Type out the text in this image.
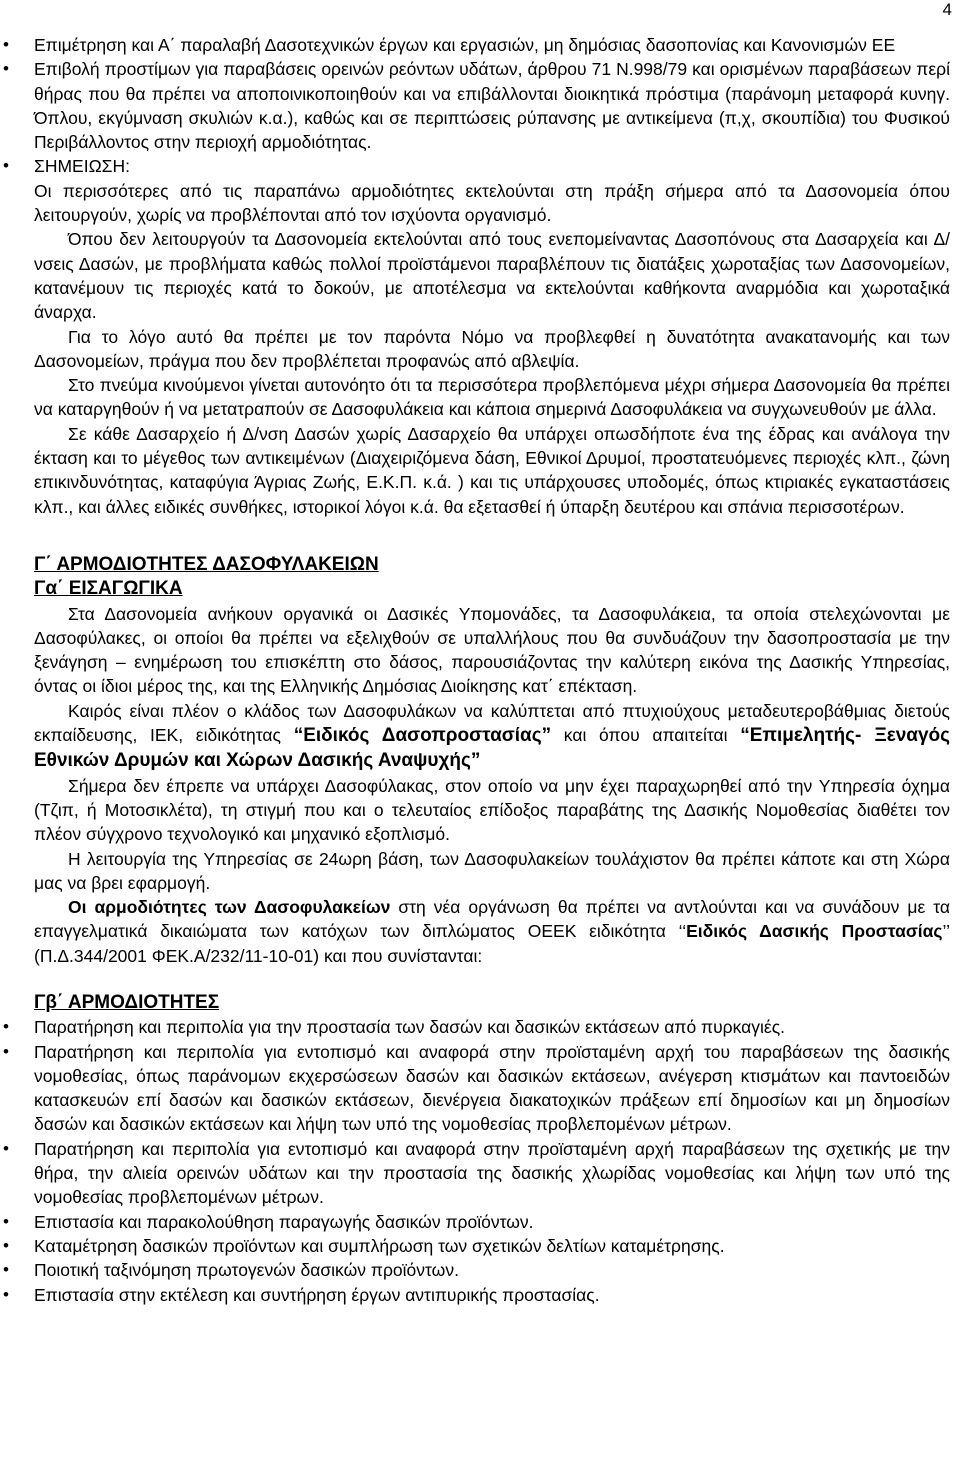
4
• Επιμέτρηση και Α΄ παραλαβή Δασοτεχνικών έργων και εργασιών, μη δημόσιας δασοπονίας και Κανονισμών ΕΕ
• Επιβολή προστίμων για παραβάσεις ορεινών ρεόντων υδάτων, άρθρου 71 Ν.998/79 και ορισμένων παραβάσεων περί θήρας που θα πρέπει να αποποινικοποιηθούν και να επιβάλλονται διοικητικά πρόστιμα (παράνομη μεταφορά κυνηγ. Όπλου, εκγύμναση σκυλιών κ.α.), καθώς και σε περιπτώσεις ρύπανσης με αντικείμενα (π,χ, σκουπίδια) του Φυσικού Περιβάλλοντος στην περιοχή αρμοδιότητας.
• ΣΗΜΕΙΩΣΗ:

Οι περισσότερες από τις παραπάνω αρμοδιότητες εκτελούνται στη πράξη σήμερα από τα Δασονομεία όπου λειτουργούν, χωρίς να προβλέπονται από τον ισχύοντα οργανισμό.

Όπου δεν λειτουργούν τα Δασονομεία εκτελούνται από τους ενεπομείναντας Δασοπόνους στα Δασαρχεία και Δ/νσεις Δασών, με προβλήματα καθώς πολλοί προϊστάμενοι παραβλέπουν τις διατάξεις χωροταξίας των Δασονομείων, κατανέμουν τις περιοχές κατά το δοκούν, με αποτέλεσμα να εκτελούνται καθήκοντα αναρμόδια και χωροταξικά άναρχα.

Για το λόγο αυτό θα πρέπει με τον παρόντα Νόμο να προβλεφθεί η δυνατότητα ανακατανομής και των Δασονομείων, πράγμα που δεν προβλέπεται προφανώς από αβλεψία.

Στο πνεύμα κινούμενοι γίνεται αυτονόητο ότι τα περισσότερα προβλεπόμενα μέχρι σήμερα Δασονομεία θα πρέπει να καταργηθούν ή να μετατραπούν σε Δασοφυλάκεια και κάποια σημερινά Δασοφυλάκεια να συγχωνευθούν με άλλα.

Σε κάθε Δασαρχείο ή Δ/νση Δασών χωρίς Δασαρχείο θα υπάρχει οπωσδήποτε ένα της έδρας και ανάλογα την έκταση και το μέγεθος των αντικειμένων (Διαχειριζόμενα δάση, Εθνικοί Δρυμοί, προστατευόμενες περιοχές κλπ., ζώνη επικινδυνότητας, καταφύγια Άγριας Ζωής, Ε.Κ.Π. κ.ά. ) και τις υπάρχουσες υποδομές, όπως κτιριακές εγκαταστάσεις κλπ., και άλλες ειδικές συνθήκες, ιστορικοί λόγοι κ.ά. θα εξετασθεί ή ύπαρξη δευτέρου και σπάνια περισσοτέρων.

Γ΄ ΑΡΜΟΔΙΟΤΗΤΕΣ ΔΑΣΟΦΥΛΑΚΕΙΩΝ
Γα΄ ΕΙΣΑΓΩΓΙΚΑ

Στα Δασονομεία ανήκουν οργανικά οι Δασικές Υπομονάδες, τα Δασοφυλάκεια, τα οποία στελεχώνονται με Δασοφύλακες, οι οποίοι θα πρέπει να εξελιχθούν σε υπαλλήλους που θα συνδυάζουν την δασοπροστασία με την ξενάγηση – ενημέρωση του επισκέπτη στο δάσος, παρουσιάζοντας την καλύτερη εικόνα της Δασικής Υπηρεσίας, όντας οι ίδιοι μέρος της, και της Ελληνικής Δημόσιας Διοίκησης κατ΄ επέκταση.

Καιρός είναι πλέον ο κλάδος των Δασοφυλάκων να καλύπτεται από πτυχιούχους μεταδευτεροβάθμιας διετούς εκπαίδευσης, ΙΕΚ, ειδικότητας “Ειδικός Δασοπροστασίας” και όπου απαιτείται “Επιμελητής- Ξεναγός Εθνικών Δρυμών και Χώρων Δασικής Αναψυχής”

Σήμερα δεν έπρεπε να υπάρχει Δασοφύλακας, στον οποίο να μην έχει παραχωρηθεί από την Υπηρεσία όχημα (Τζιπ, ή Μοτοσικλέτα), τη στιγμή που και ο τελευταίος επίδοξος παραβάτης της Δασικής Νομοθεσίας διαθέτει τον πλέον σύγχρονο τεχνολογικό και μηχανικό εξοπλισμό.

Η λειτουργία της Υπηρεσίας σε 24ωρη βάση, των Δασοφυλακείων τουλάχιστον θα πρέπει κάποτε και στη Χώρα μας να βρει εφαρμογή.

Οι αρμοδιότητες των Δασοφυλακείων στη νέα οργάνωση θα πρέπει να αντλούνται και να συνάδουν με τα επαγγελματικά δικαιώματα των κατόχων των διπλώματος ΟΕΕΚ ειδικότητα ‘‘Ειδικός Δασικής Προστασίας’’ (Π.Δ.344/2001 ΦΕΚ.Α/232/11-10-01) και που συνίστανται:

Γβ΄ ΑΡΜΟΔΙΟΤΗΤΕΣ
• Παρατήρηση και περιπολία για την προστασία των δασών και δασικών εκτάσεων από πυρκαγιές.
• Παρατήρηση και περιπολία για εντοπισμό και αναφορά στην προϊσταμένη αρχή του παραβάσεων της δασικής νομοθεσίας, όπως παράνομων εκχερσώσεων δασών και δασικών εκτάσεων, ανέγερση κτισμάτων και παντοειδών κατασκευών επί δασών και δασικών εκτάσεων, διενέργεια διακατοχικών πράξεων επί δημοσίων και μη δημοσίων δασών και δασικών εκτάσεων και λήψη των υπό της νομοθεσίας προβλεπομένων μέτρων.
• Παρατήρηση και περιπολία για εντοπισμό και αναφορά στην προϊσταμένη αρχή παραβάσεων της σχετικής με την θήρα, την αλιεία ορεινών υδάτων και την προστασία της δασικής χλωρίδας νομοθεσίας και λήψη των υπό της νομοθεσίας προβλεπομένων μέτρων.
• Επιστασία και παρακολούθηση παραγωγής δασικών προϊόντων.
• Καταμέτρηση δασικών προϊόντων και συμπλήρωση των σχετικών δελτίων καταμέτρησης.
• Ποιοτική ταξινόμηση πρωτογενών δασικών προϊόντων.
• Επιστασία στην εκτέλεση και συντήρηση έργων αντιπυρικής προστασίας.
